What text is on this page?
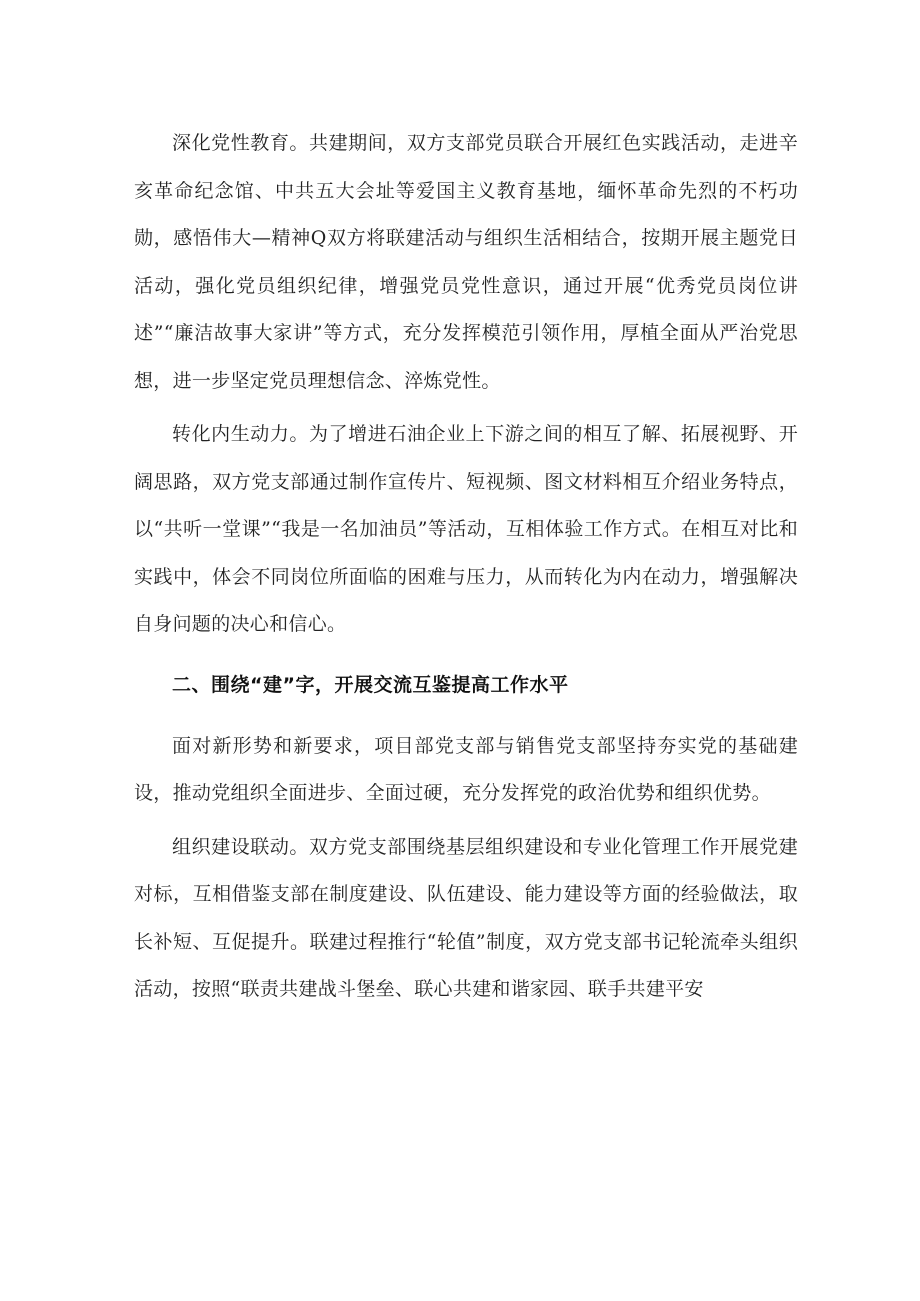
深化党性教育。共建期间，双方支部党员联合开展红色实践活动，走进辛亥革命纪念馆、中共五大会址等爱国主义教育基地，缅怀革命先烈的不朽功勋，感悟伟大—精神Q双方将联建活动与组织生活相结合，按期开展主题党日活动，强化党员组织纪律，增强党员党性意识，通过开展“优秀党员岗位讲述”“廉洁故事大家讲”等方式，充分发挥模范引领作用，厚植全面从严治党思想，进一步坚定党员理想信念、淬炼党性。

转化内生动力。为了增进石油企业上下游之间的相互了解、拓展视野、开阔思路，双方党支部通过制作宣传片、短视频、图文材料相互介绍业务特点，以“共听一堂课”“我是一名加油员”等活动，互相体验工作方式。在相互对比和实践中，体会不同岗位所面临的困难与压力，从而转化为内在动力，增强解决自身问题的决心和信心。

二、围绕“建”字，开展交流互鉴提高工作水平

面对新形势和新要求，项目部党支部与销售党支部坚持夯实党的基础建设，推动党组织全面进步、全面过硬，充分发挥党的政治优势和组织优势。

组织建设联动。双方党支部围绕基层组织建设和专业化管理工作开展党建对标，互相借鉴支部在制度建设、队伍建设、能力建设等方面的经验做法，取长补短、互促提升。联建过程推行“轮值”制度，双方党支部书记轮流牵头组织活动，按照“联责共建战斗堡垒、联心共建和谐家园、联手共建平安
